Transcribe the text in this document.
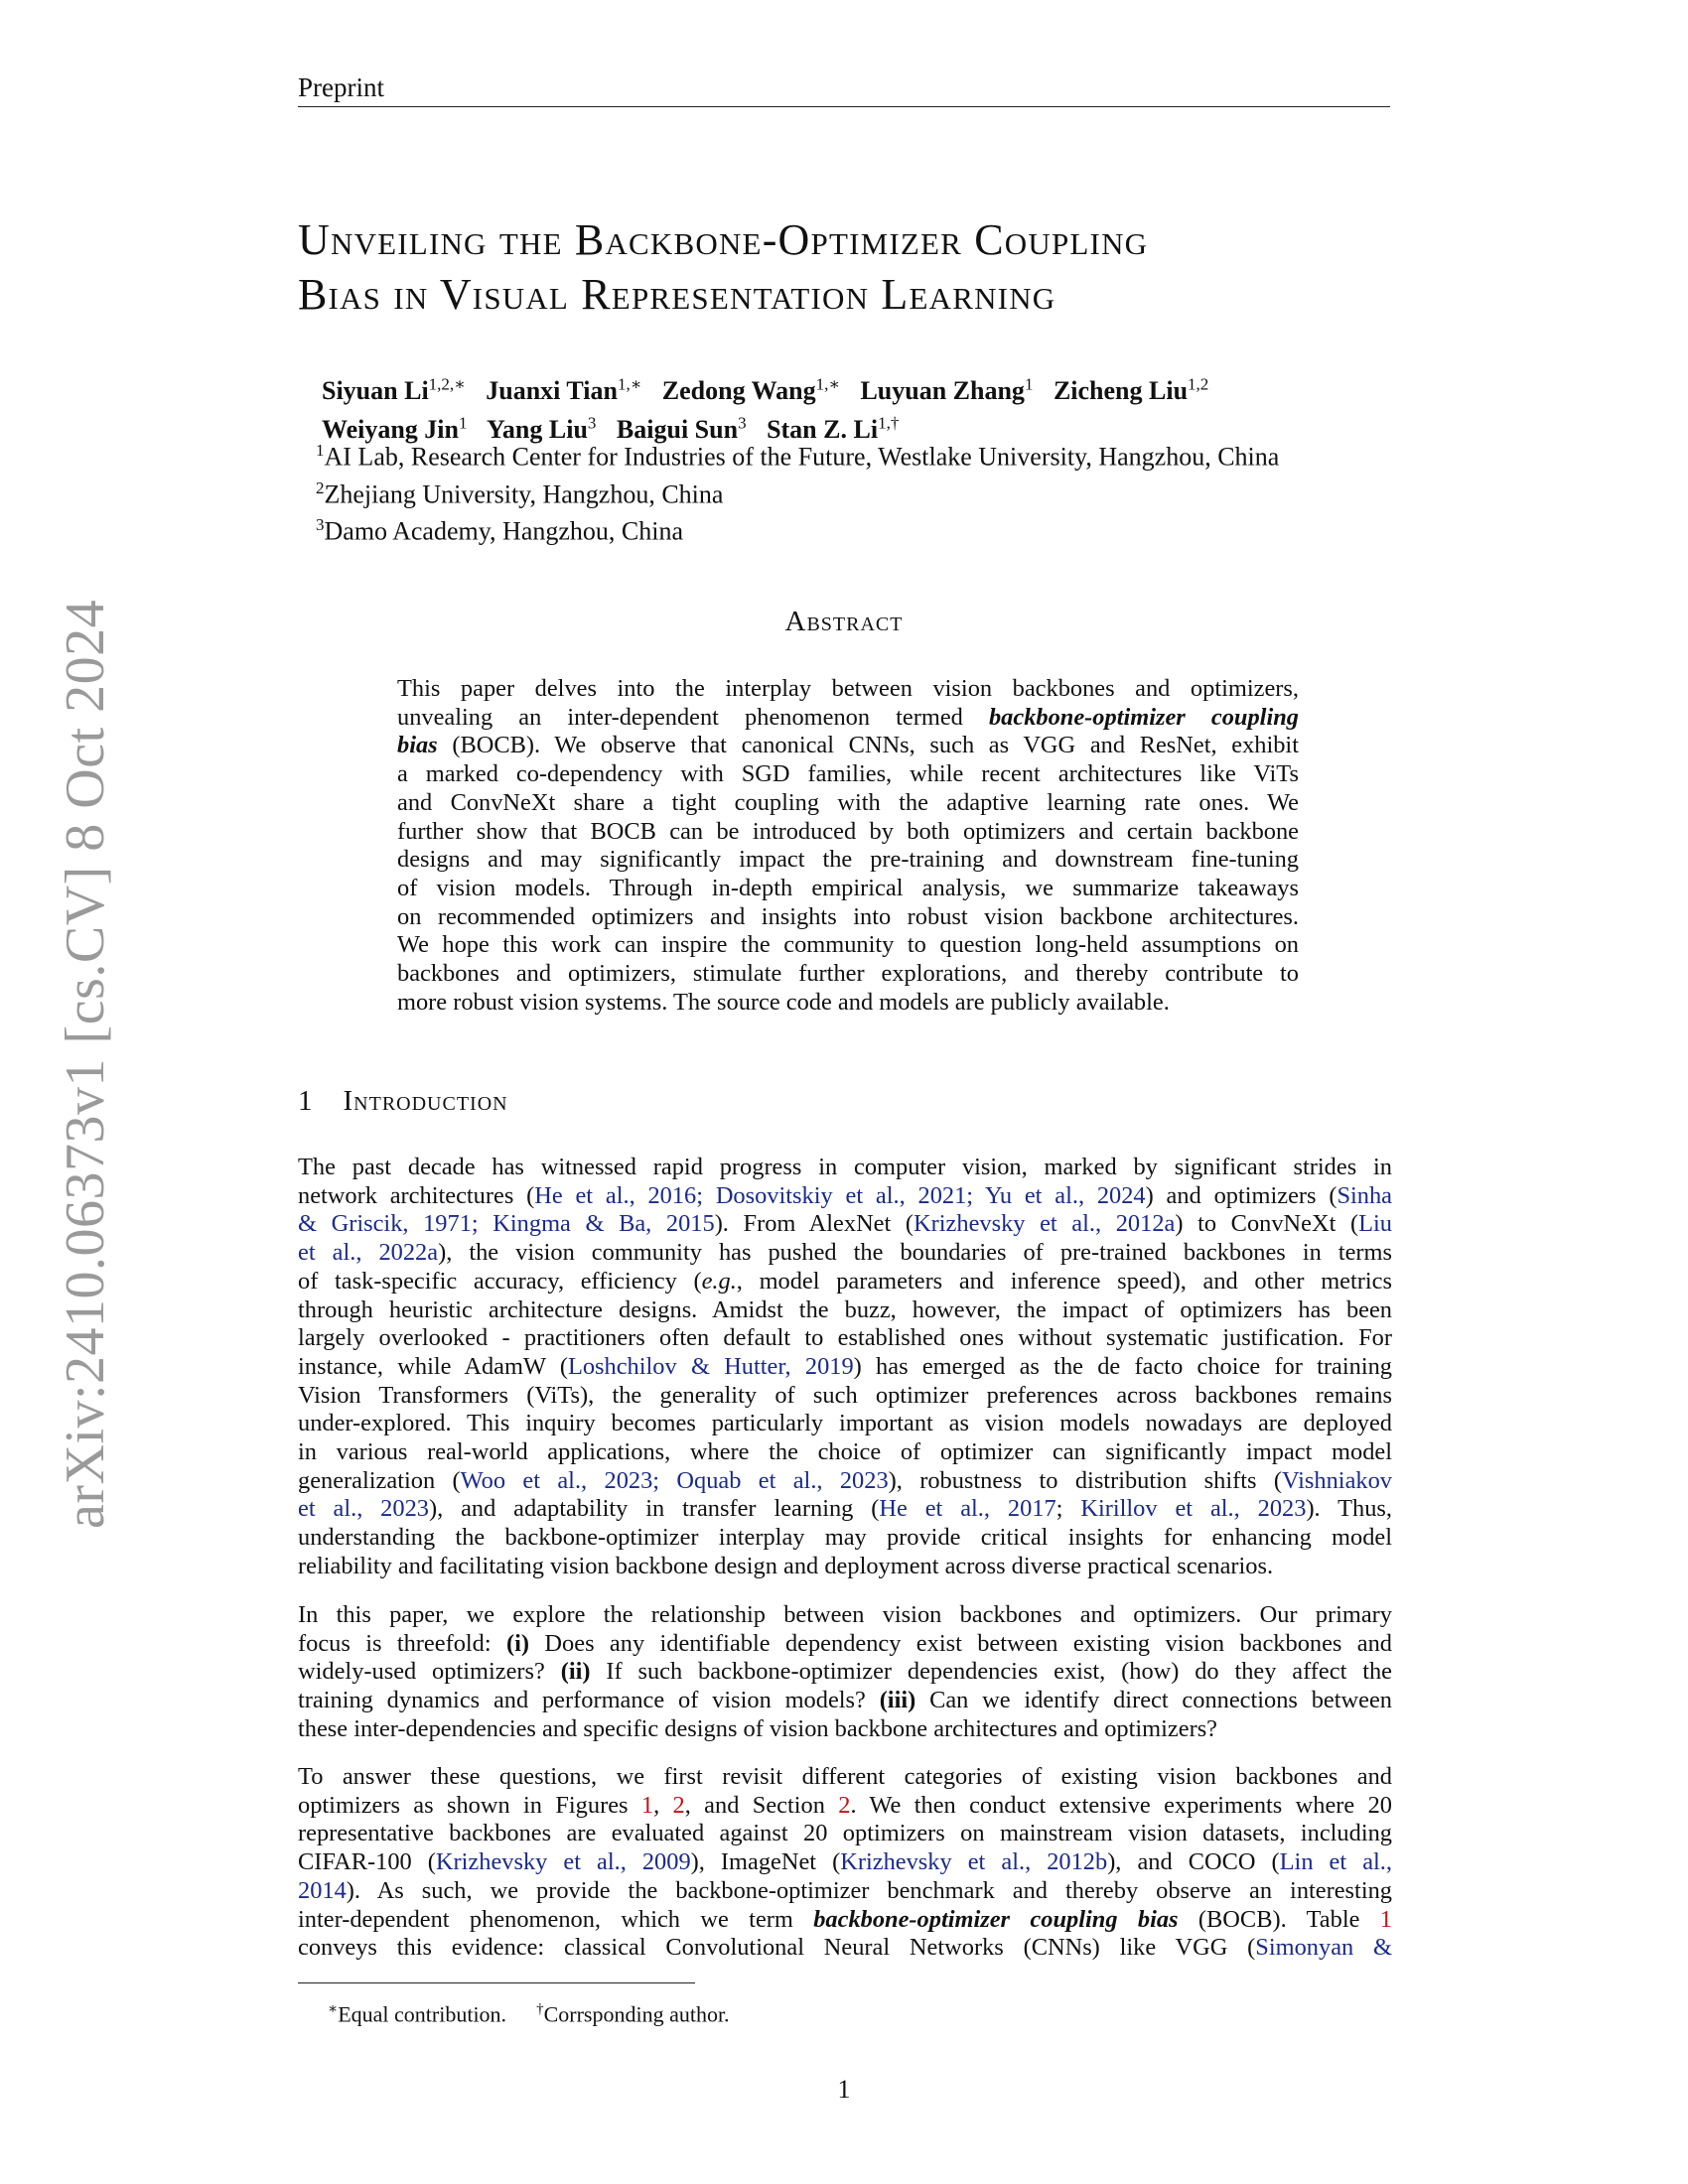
Preprint
Unveiling the Backbone-Optimizer Coupling
Bias in Visual Representation Learning
Siyuan $Li^{1,2,∗}$ Juanxi Tian$^{1,∗}$ Zedong Wang$^{1,∗}$ Luyuan Zhang$^1$ Zicheng Liu$^{1,2}$
Weiyang Jin$^1$ Yang Liu$^3$ Baigui Sun$^3$ Stan Z. $Li^{1,\dagger}$
$^1$AI Lab, Research Center for Industries of the Future, Westlake University, Hangzhou, China
$^2$Zhejiang University, Hangzhou, China
$^3$Damo Academy, Hangzhou, China
Abstract
This paper delves into the interplay between vision backbones and optimizers,
unvealing an inter-dependent phenomenon termed backbone-optimizer coupling
bias (BOCB). We observe that canonical CNNs, such as VGG and ResNet, exhibit
a marked co-dependency with SGD families, while recent architectures like ViTs
and ConvNeXt share a tight coupling with the adaptive learning rate ones. We
further show that BOCB can be introduced by both optimizers and certain backbone
designs and may significantly impact the pre-training and downstream fine-tuning
of vision models. Through in-depth empirical analysis, we summarize takeaways
on recommended optimizers and insights into robust vision backbone architectures.
We hope this work can inspire the community to question long-held assumptions on
backbones and optimizers, stimulate further explorations, and thereby contribute to
more robust vision systems. The source code and models are publicly available.
1 Introduction
The past decade has witnessed rapid progress in computer vision, marked by significant strides in
network architectures (He et al., 2016; Dosovitskiy et al., 2021; Yu et al., 2024) and optimizers (Sinha
& Griscik, 1971; Kingma & Ba, 2015). From AlexNet (Krizhevsky et al., 2012a) to ConvNeXt (Liu
et al., 2022a), the vision community has pushed the boundaries of pre-trained backbones in terms
of task-specific accuracy, efficiency (e.g., model parameters and inference speed), and other metrics
through heuristic architecture designs. Amidst the buzz, however, the impact of optimizers has been
largely overlooked - practitioners often default to established ones without systematic justification. For
instance, while AdamW (Loshchilov & Hutter, 2019) has emerged as the de facto choice for training
Vision Transformers (ViTs), the generality of such optimizer preferences across backbones remains
under-explored. This inquiry becomes particularly important as vision models nowadays are deployed
in various real-world applications, where the choice of optimizer can significantly impact model
generalization (Woo et al., 2023; Oquab et al., 2023), robustness to distribution shifts (Vishniakov
et al., 2023), and adaptability in transfer learning (He et al., 2017; Kirillov et al., 2023). Thus,
understanding the backbone-optimizer interplay may provide critical insights for enhancing model
reliability and facilitating vision backbone design and deployment across diverse practical scenarios.
In this paper, we explore the relationship between vision backbones and optimizers. Our primary
focus is threefold: (i) Does any identifiable dependency exist between existing vision backbones and
widely-used optimizers? (ii) If such backbone-optimizer dependencies exist, (how) do they affect the
training dynamics and performance of vision models? (iii) Can we identify direct connections between
these inter-dependencies and specific designs of vision backbone architectures and optimizers?
To answer these questions, we first revisit different categories of existing vision backbones and
optimizers as shown in Figures 1, 2, and Section 2. We then conduct extensive experiments where 20
representative backbones are evaluated against 20 optimizers on mainstream vision datasets, including
CIFAR-100 (Krizhevsky et al., 2009), ImageNet (Krizhevsky et al., 2012b), and COCO (Lin et al.,
2014). As such, we provide the backbone-optimizer benchmark and thereby observe an interesting
inter-dependent phenomenon, which we term backbone-optimizer coupling bias (BOCB). Table 1
conveys this evidence: classical Convolutional Neural Networks (CNNs) like VGG (Simonyan &
∗Equal contribution. †Corrsponding author.
1
arXiv:2410.06373v1 [cs.CV] 8 Oct 2024
